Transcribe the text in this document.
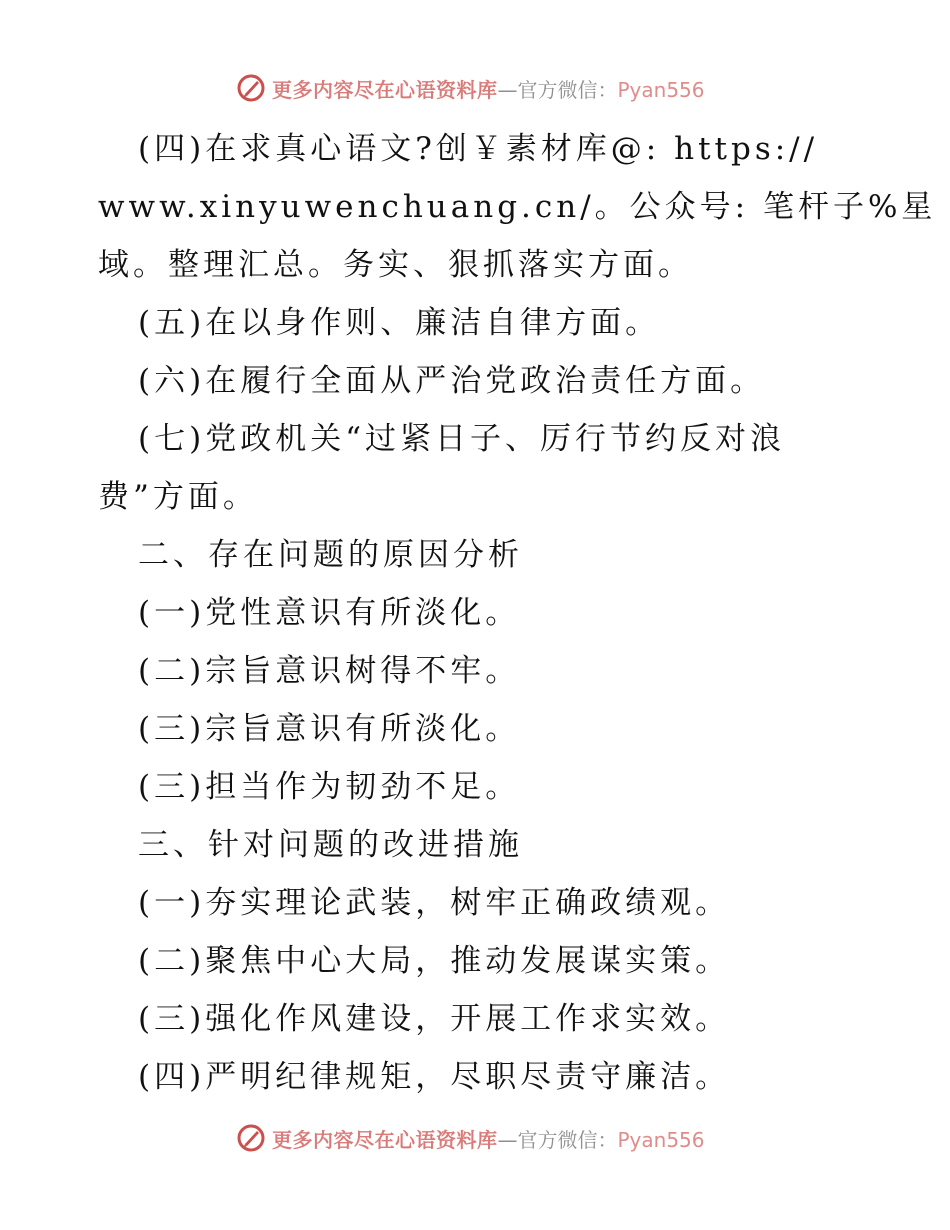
更多内容尽在心语资料库—官方微信：Pyan556
(四)在求真心语文?创￥素材库@: https://
www.xinyuwenchuang.cn/。公众号: 笔杆子%星
域。整理汇总。务实、狠抓落实方面。
(五)在以身作则、廉洁自律方面。
(六)在履行全面从严治党政治责任方面。
(七)党政机关“过紧日子、厉行节约反对浪
费”方面。
二、存在问题的原因分析
(一)党性意识有所淡化。
(二)宗旨意识树得不牢。
(三)宗旨意识有所淡化。
(三)担当作为韧劲不足。
三、针对问题的改进措施
(一)夯实理论武装，树牢正确政绩观。
(二)聚焦中心大局，推动发展谋实策。
(三)强化作风建设，开展工作求实效。
(四)严明纪律规矩，尽职尽责守廉洁。
更多内容尽在心语资料库—官方微信：Pyan556
